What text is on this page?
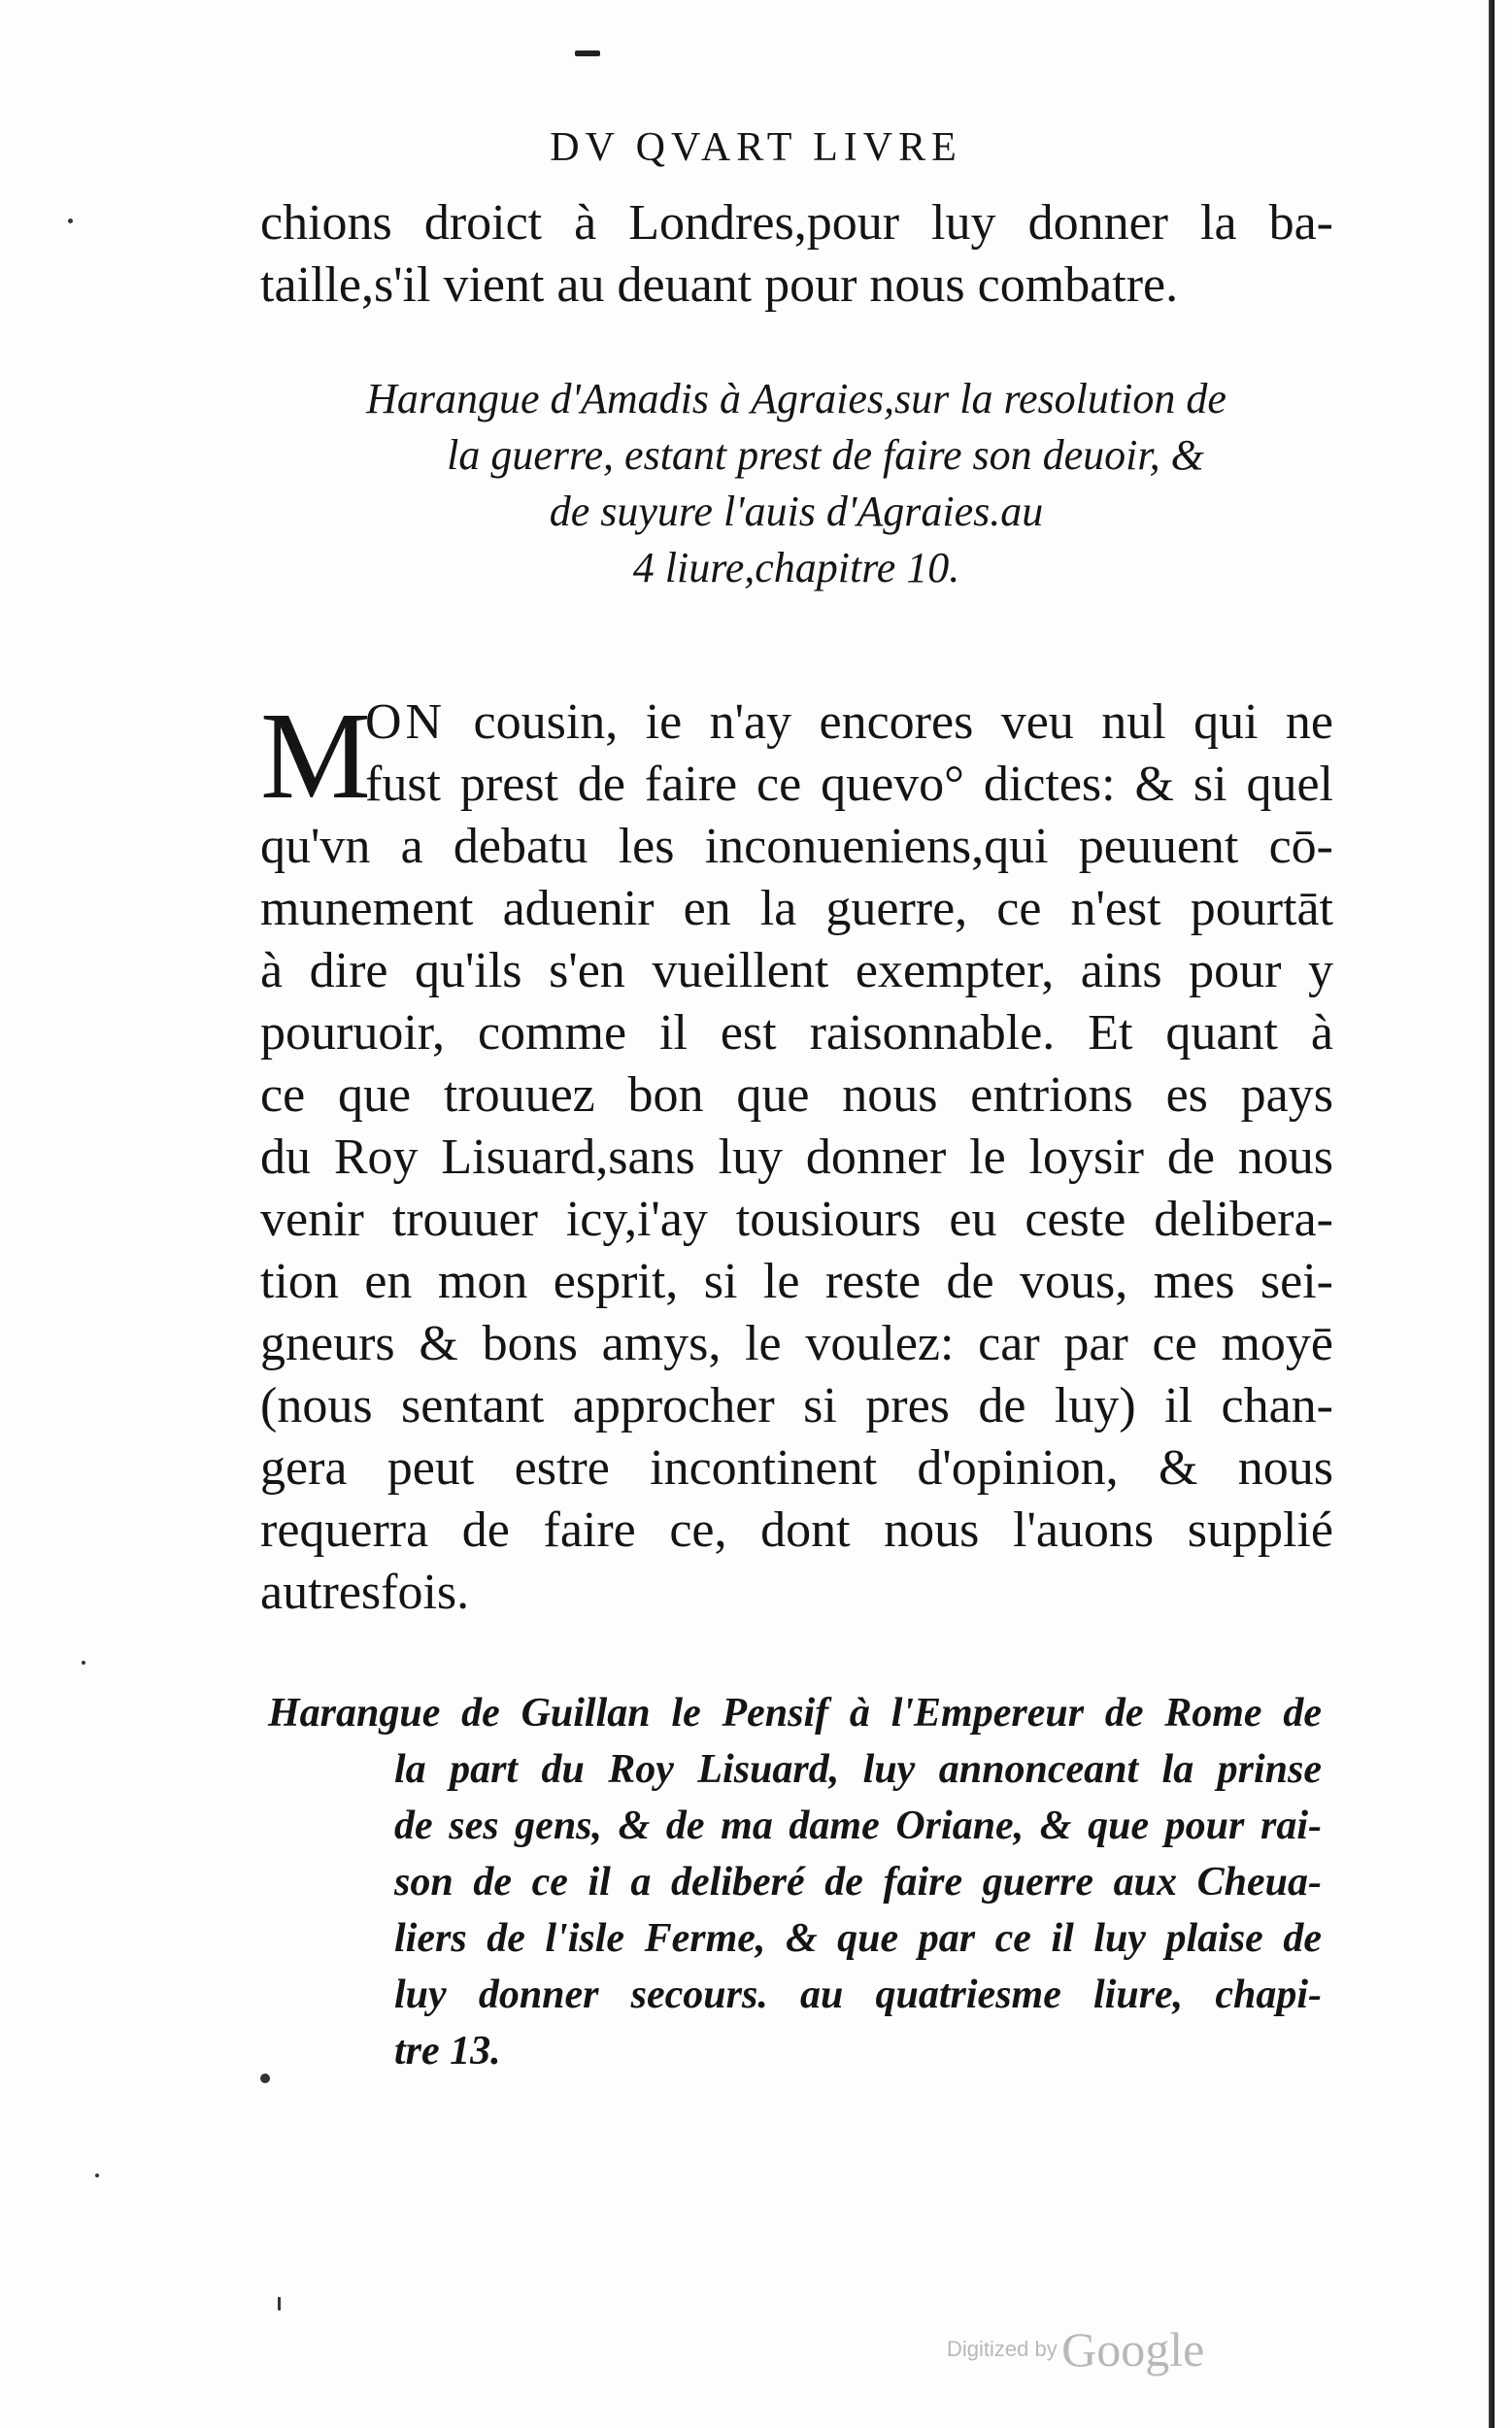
DV QVART LIVRE
chions droict à Londres,pour luy donner la ba-
taille,s'il vient au deuant pour nous combatre.
Harangue d'Amadis à Agraies,sur la resolution de
la guerre, estant prest de faire son deuoir, &
de suyure l'auis d'Agraies.au
4 liure,chapitre 10.
M
ON cousin, ie n'ay encores veu nul qui ne
fust prest de faire ce quevo° dictes: & si quel
qu'vn a debatu les inconueniens,qui peuuent cō-
munement aduenir en la guerre, ce n'est pourtāt
à dire qu'ils s'en vueillent exempter, ains pour y
pouruoir, comme il est raisonnable. Et quant à
ce que trouuez bon que nous entrions es pays
du Roy Lisuard,sans luy donner le loysir de nous
venir trouuer icy,i'ay tousiours eu ceste delibera-
tion en mon esprit, si le reste de vous, mes sei-
gneurs & bons amys, le voulez: car par ce moyē
(nous sentant approcher si pres de luy) il chan-
gera peut estre incontinent d'opinion, & nous
requerra de faire ce, dont nous l'auons supplié
autresfois.
Harangue de Guillan le Pensif à l'Empereur de Rome de
la part du Roy Lisuard, luy annonceant la prinse
de ses gens, & de ma dame Oriane, & que pour rai-
son de ce il a deliberé de faire guerre aux Cheua-
liers de l'isle Ferme, & que par ce il luy plaise de
luy donner secours. au quatriesme liure, chapi-
tre 13.
Digitized by Google
